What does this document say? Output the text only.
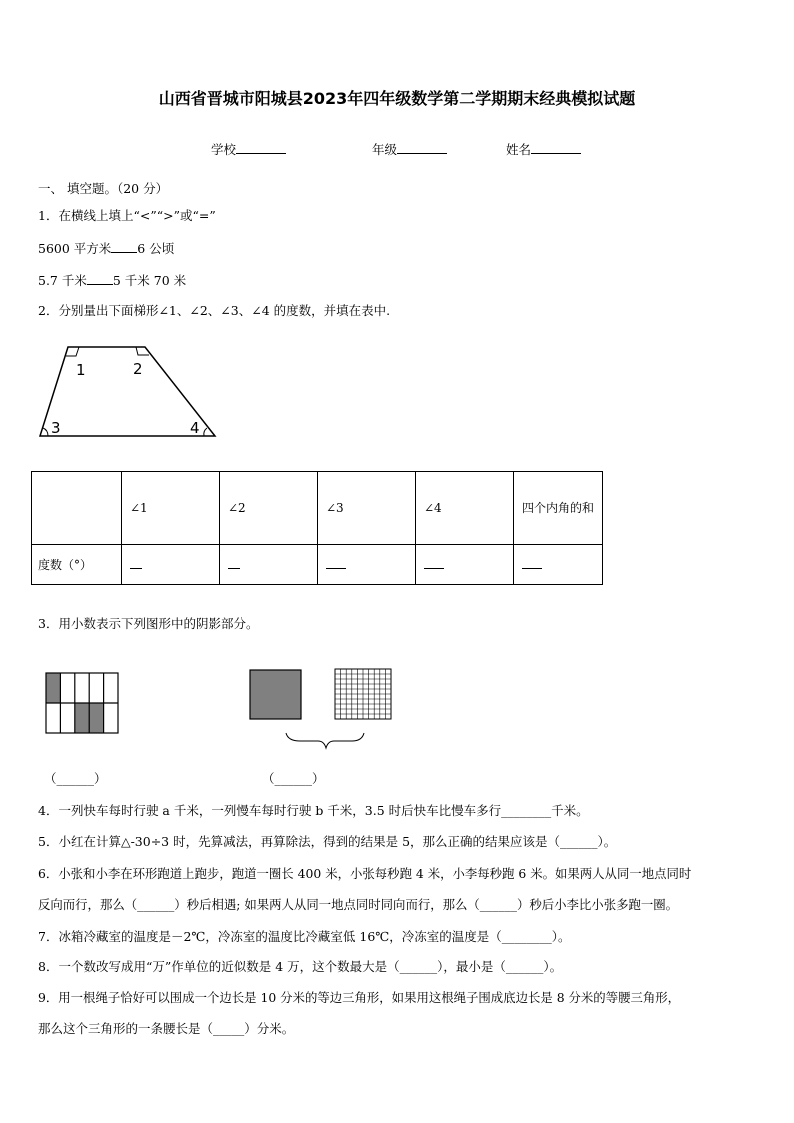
山西省晋城市阳城县2023年四年级数学第二学期期末经典模拟试题
学校	年级	姓名
一、 填空题。（20 分）
1．在横线上填上“<”“>”或“=”
5600 平方米 6 公顷
5.7 千米 5 千米 70 米
2．分别量出下面梯形∠1、∠2、∠3、∠4 的度数，并填在表中.
1	2
3	4
	∠1	∠2	∠3	∠4	四个内角的和
度数（°）					
3．用小数表示下列图形中的阴影部分。
（______）	（______）
4．一列快车每时行驶 a 千米，一列慢车每时行驶 b 千米，3.5 时后快车比慢车多行________千米。
5．小红在计算△-30÷3 时，先算减法，再算除法，得到的结果是 5，那么正确的结果应该是（______）。
6．小张和小李在环形跑道上跑步，跑道一圈长 400 米，小张每秒跑 4 米，小李每秒跑 6 米。如果两人从同一地点同时
反向而行，那么（______）秒后相遇; 如果两人从同一地点同时同向而行，那么（______）秒后小李比小张多跑一圈。
7．冰箱冷藏室的温度是－2℃，冷冻室的温度比冷藏室低 16℃，冷冻室的温度是（________）。
8．一个数改写成用“万”作单位的近似数是 4 万，这个数最大是（______），最小是（______）。
9．用一根绳子恰好可以围成一个边长是 10 分米的等边三角形，如果用这根绳子围成底边长是 8 分米的等腰三角形，
那么这个三角形的一条腰长是（_____）分米。
